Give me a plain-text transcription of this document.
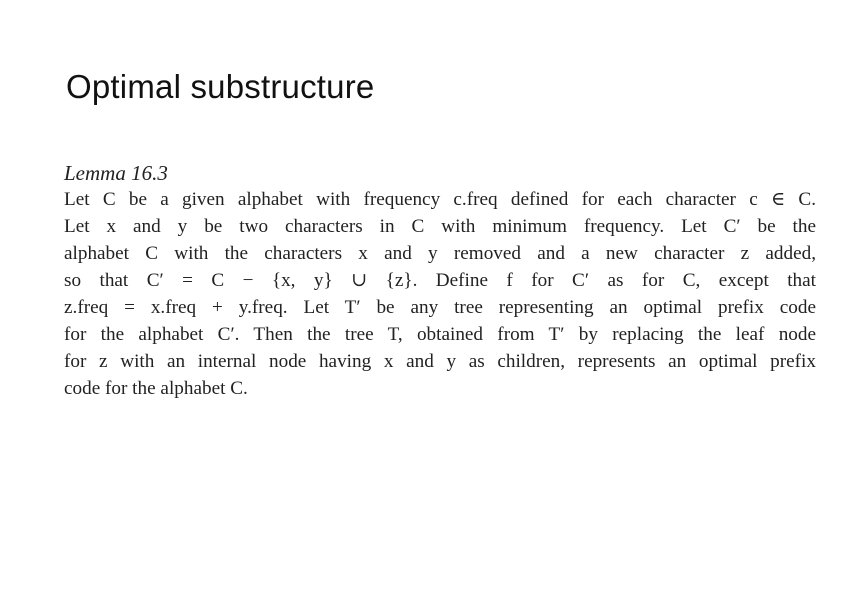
Optimal substructure
Lemma 16.3
Let C be a given alphabet with frequency c.freq defined for each character c ∈ C.
Let x and y be two characters in C with minimum frequency. Let C′ be the
alphabet C with the characters x and y removed and a new character z added,
so that C′ = C − {x, y} ∪ {z}. Define f for C′ as for C, except that
z.freq = x.freq + y.freq. Let T′ be any tree representing an optimal prefix code
for the alphabet C′. Then the tree T, obtained from T′ by replacing the leaf node
for z with an internal node having x and y as children, represents an optimal prefix
code for the alphabet C.
